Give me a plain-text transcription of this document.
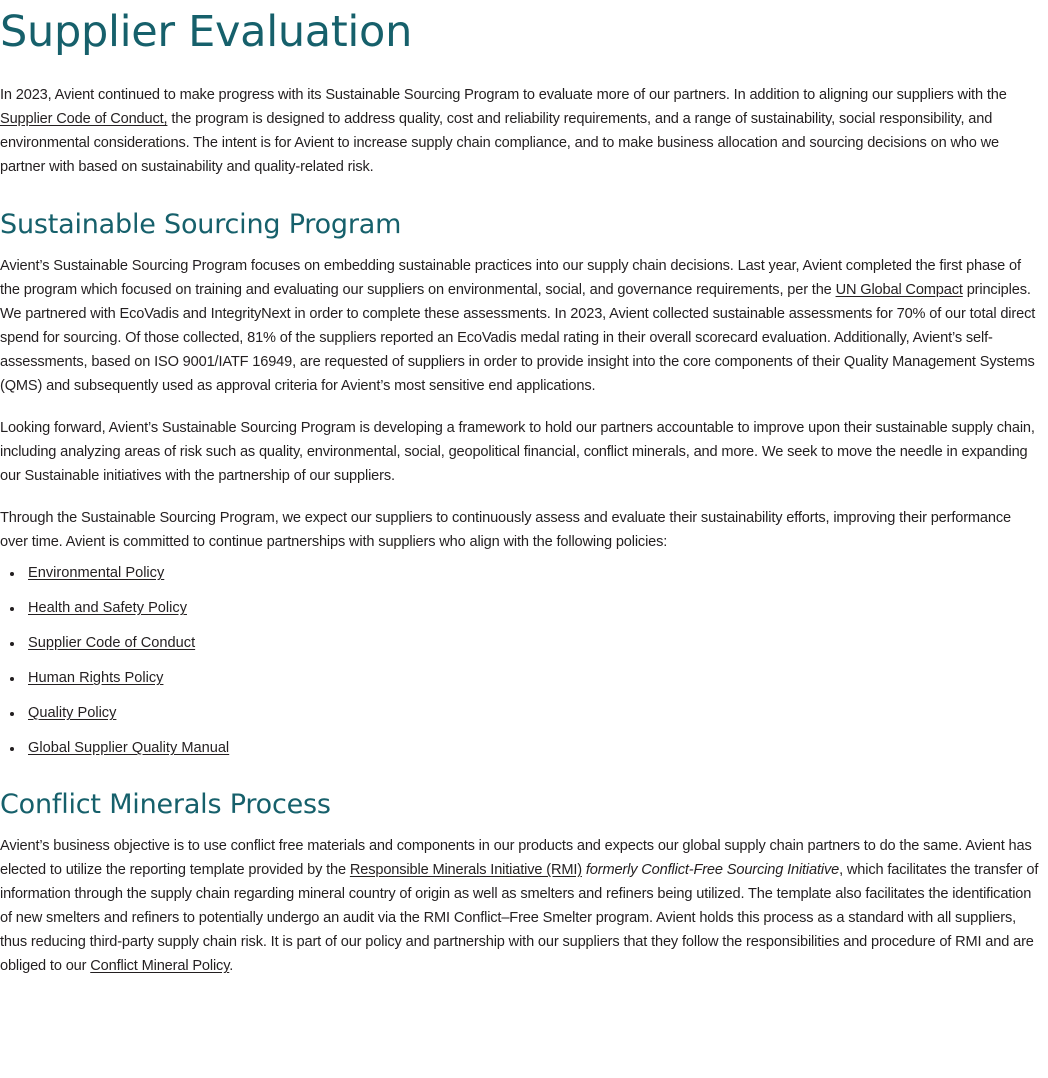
Supplier Evaluation

In 2023, Avient continued to make progress with its Sustainable Sourcing Program to evaluate more of our partners. In addition to aligning our suppliers with the Supplier Code of Conduct, the program is designed to address quality, cost and reliability requirements, and a range of sustainability, social responsibility, and environmental considerations. The intent is for Avient to increase supply chain compliance, and to make business allocation and sourcing decisions on who we partner with based on sustainability and quality-related risk.

Sustainable Sourcing Program

Avient’s Sustainable Sourcing Program focuses on embedding sustainable practices into our supply chain decisions. Last year, Avient completed the first phase of the program which focused on training and evaluating our suppliers on environmental, social, and governance requirements, per the UN Global Compact principles. We partnered with EcoVadis and IntegrityNext in order to complete these assessments. In 2023, Avient collected sustainable assessments for 70% of our total direct spend for sourcing. Of those collected, 81% of the suppliers reported an EcoVadis medal rating in their overall scorecard evaluation. Additionally, Avient’s self-assessments, based on ISO 9001/IATF 16949, are requested of suppliers in order to provide insight into the core components of their Quality Management Systems (QMS) and subsequently used as approval criteria for Avient’s most sensitive end applications.

Looking forward, Avient’s Sustainable Sourcing Program is developing a framework to hold our partners accountable to improve upon their sustainable supply chain, including analyzing areas of risk such as quality, environmental, social, geopolitical financial, conflict minerals, and more. We seek to move the needle in expanding our Sustainable initiatives with the partnership of our suppliers.

Through the Sustainable Sourcing Program, we expect our suppliers to continuously assess and evaluate their sustainability efforts, improving their performance over time. Avient is committed to continue partnerships with suppliers who align with the following policies:

Environmental Policy
Health and Safety Policy
Supplier Code of Conduct
Human Rights Policy
Quality Policy
Global Supplier Quality Manual
Conflict Minerals Process

Avient’s business objective is to use conflict free materials and components in our products and expects our global supply chain partners to do the same. Avient has elected to utilize the reporting template provided by the Responsible Minerals Initiative (RMI) formerly Conflict-Free Sourcing Initiative, which facilitates the transfer of information through the supply chain regarding mineral country of origin as well as smelters and refiners being utilized. The template also facilitates the identification of new smelters and refiners to potentially undergo an audit via the RMI Conflict–Free Smelter program. Avient holds this process as a standard with all suppliers, thus reducing third-party supply chain risk. It is part of our policy and partnership with our suppliers that they follow the responsibilities and procedure of RMI and are obliged to our Conflict Mineral Policy.
